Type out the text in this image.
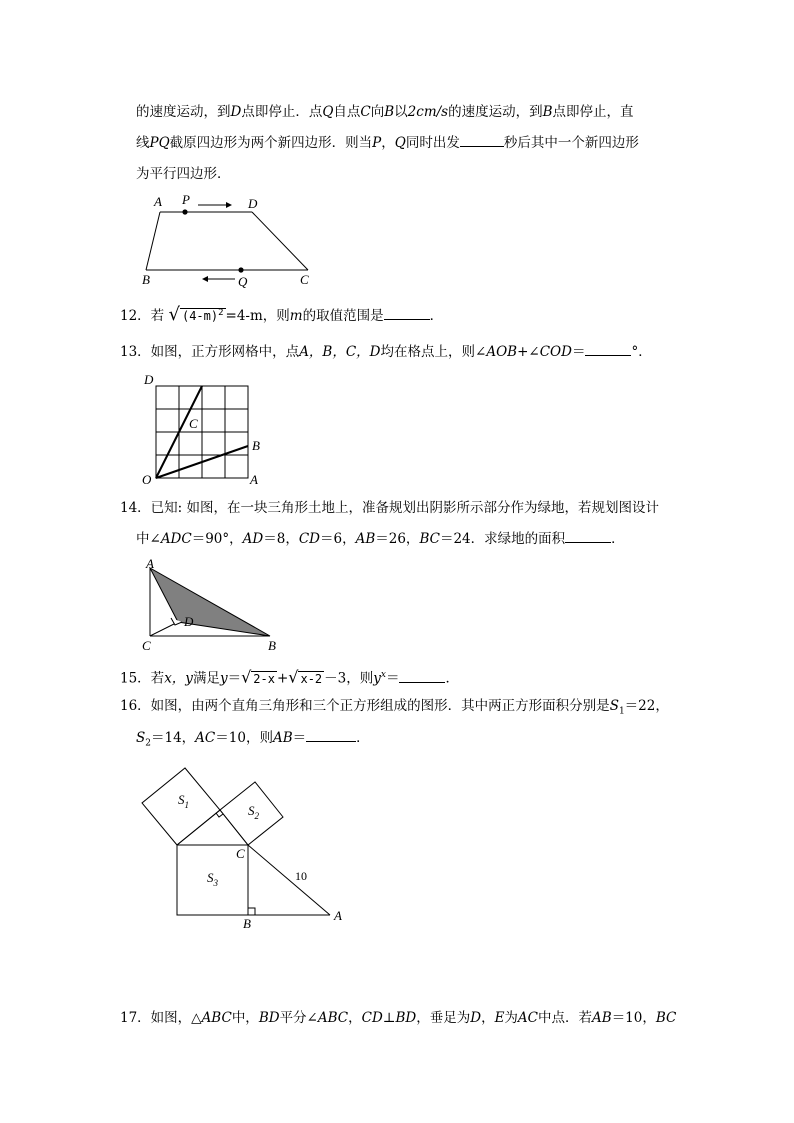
的速度运动，到D点即停止．点Q自点C向B以2cm/s的速度运动，到B点即停止，直
线PQ截原四边形为两个新四边形．则当P，Q同时出发	秒后其中一个新四边形
为平行四边形．
A P	D
B	Q	C
12．若 √ $(4-m)^2 =4-m$，则m的取值范围是	．
13．如图，正方形网格中，点A，B，C，D均在格点上，则∠AOB+∠COD＝	°．
D
C
B
O	A
14．已知: 如图，在一块三角形土地上，准备规划出阴影所示部分作为绿地，若规划图设计
中∠ADC＝90°，AD＝8，CD＝6，AB＝26，BC＝24．求绿地的面积	．
A
D
C	B
15．若x，y满足y＝√ 2-x +√ x-2 －3，则$y^x=$	．
16．如图，由两个直角三角形和三个正方形组成的图形．其中两正方形面积分别是$S_1=22$，
$S_2=14$，AC＝10，则AB＝	．
$S_1$	$S_2$
$S_3$
C
B
A
10
17．如图，△ABC中，BD平分∠ABC，CD⊥BD，垂足为D，E为AC中点．若AB＝10，BC
